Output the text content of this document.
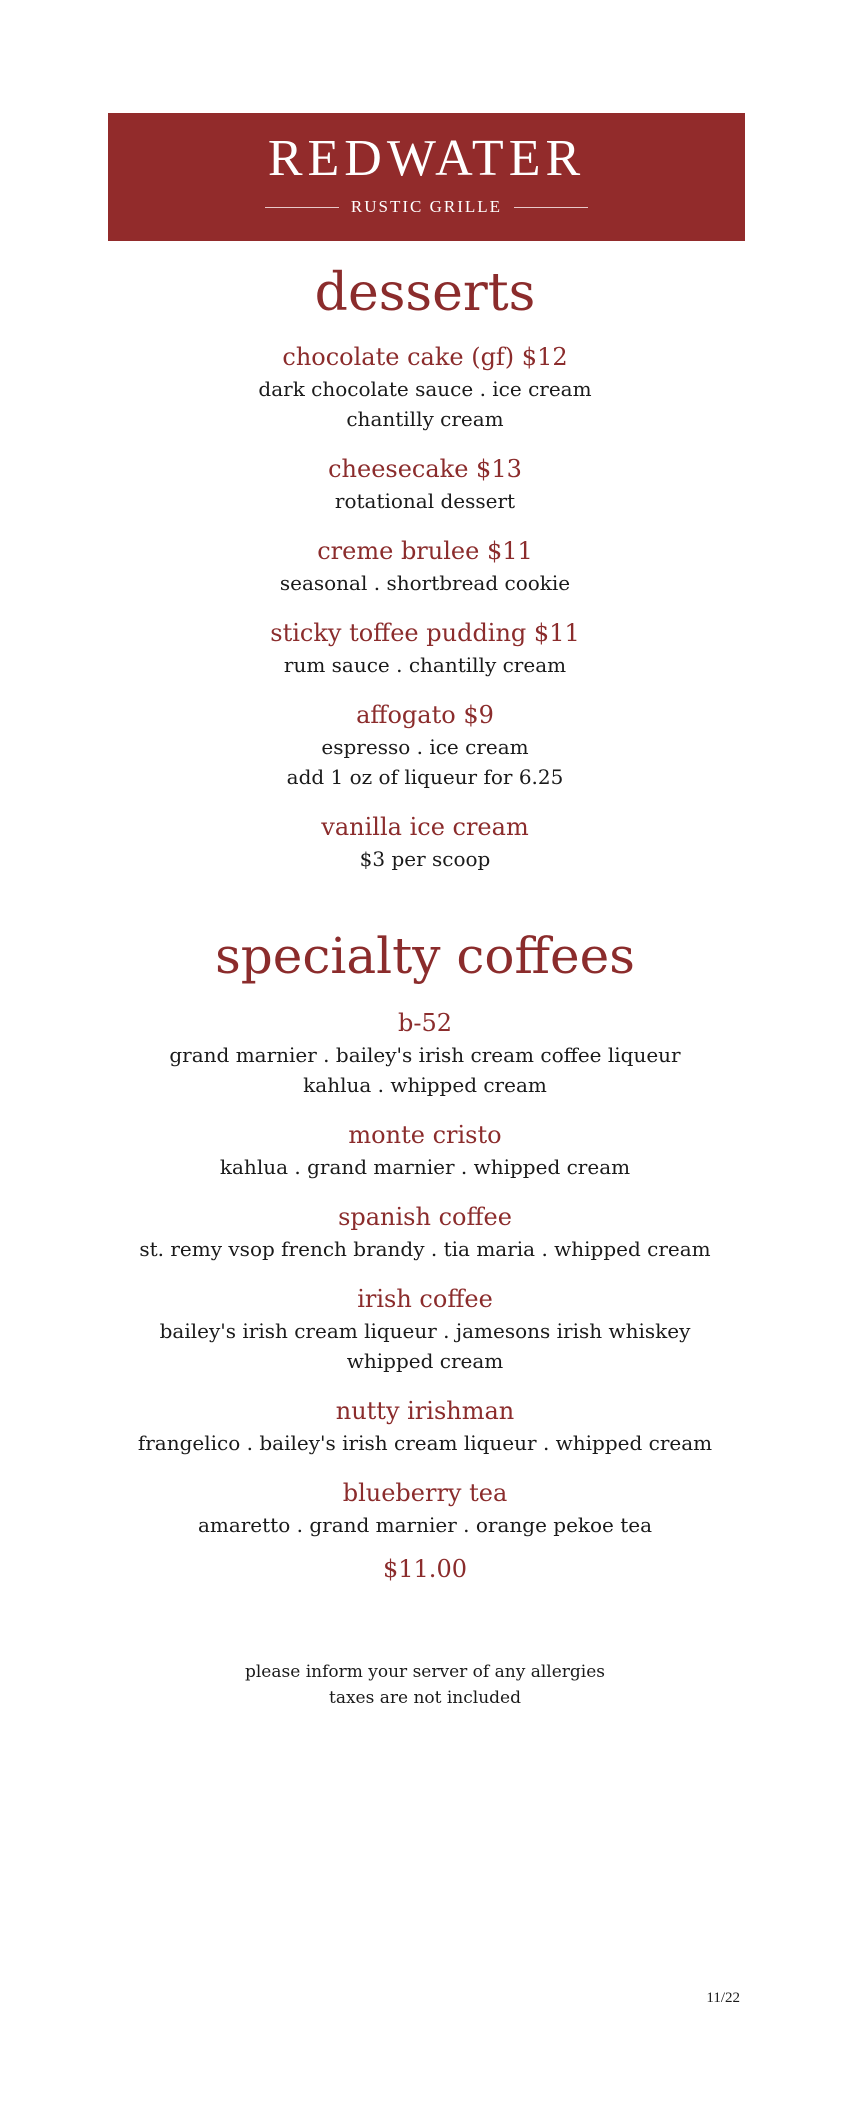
REDWATER
RUSTIC GRILLE
desserts
chocolate cake (gf) $12
dark chocolate sauce . ice cream
chantilly cream
cheesecake $13
rotational dessert
creme brulee $11
seasonal . shortbread cookie
sticky toffee pudding $11
rum sauce . chantilly cream
affogato $9
espresso . ice cream
add 1 oz of liqueur for 6.25
vanilla ice cream
$3 per scoop
specialty coffees
b-52
grand marnier . bailey's irish cream coffee liqueur
kahlua . whipped cream
monte cristo
kahlua . grand marnier . whipped cream
spanish coffee
st. remy vsop french brandy . tia maria . whipped cream
irish coffee
bailey's irish cream liqueur . jamesons irish whiskey
whipped cream
nutty irishman
frangelico . bailey's irish cream liqueur . whipped cream
blueberry tea
amaretto . grand marnier . orange pekoe tea
$11.00
please inform your server of any allergies
taxes are not included
11/22
